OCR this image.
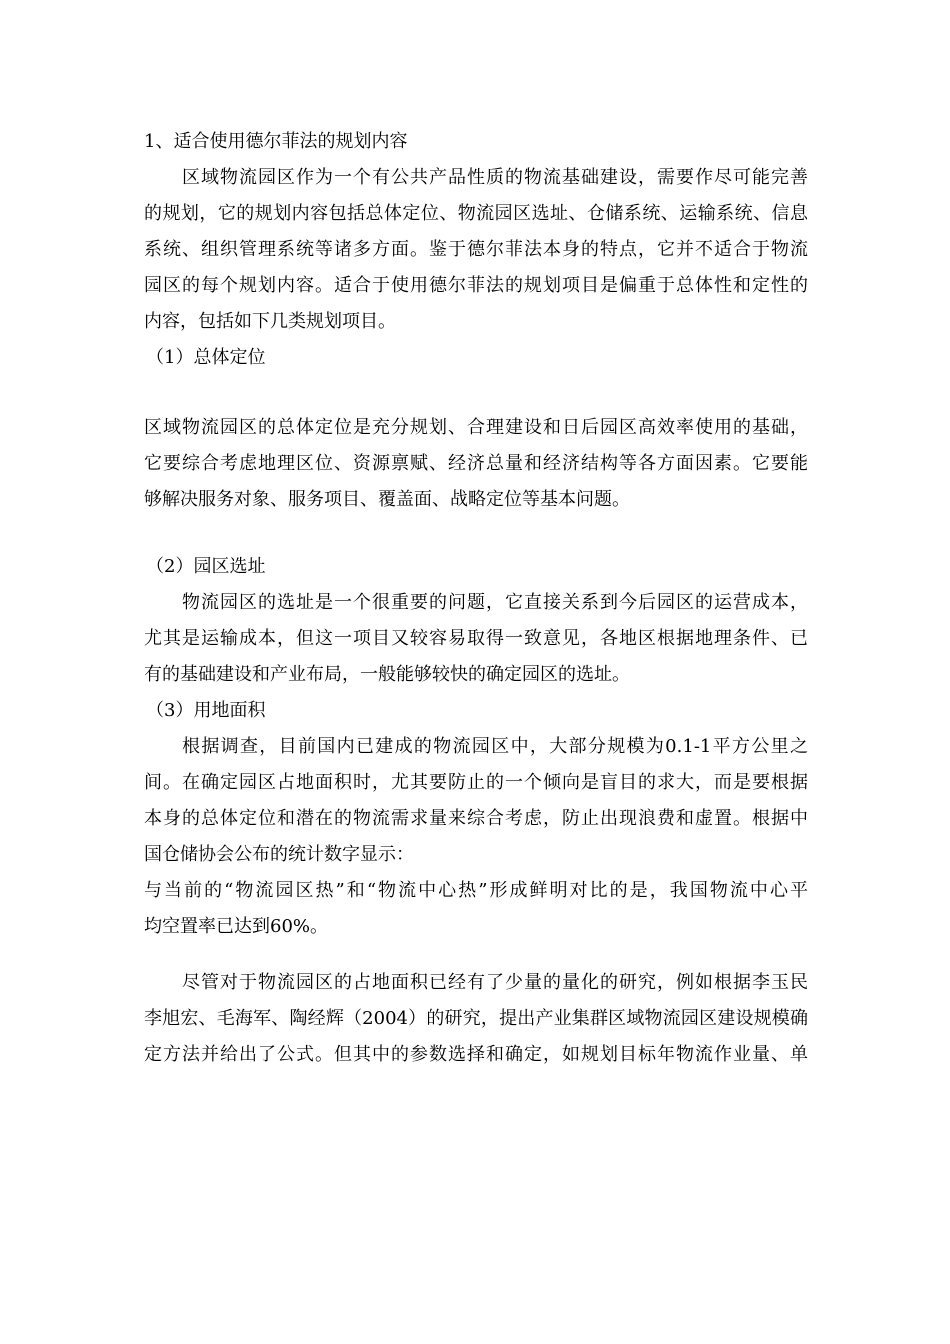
1、适合使用德尔菲法的规划内容
区域物流园区作为一个有公共产品性质的物流基础建设，需要作尽可能完善
的规划，它的规划内容包括总体定位、物流园区选址、仓储系统、运输系统、信息
系统、组织管理系统等诸多方面。鉴于德尔菲法本身的特点，它并不适合于物流
园区的每个规划内容。适合于使用德尔菲法的规划项目是偏重于总体性和定性的
内容，包括如下几类规划项目。
（1）总体定位
区域物流园区的总体定位是充分规划、合理建设和日后园区高效率使用的基础，
它要综合考虑地理区位、资源禀赋、经济总量和经济结构等各方面因素。它要能
够解决服务对象、服务项目、覆盖面、战略定位等基本问题。
（2）园区选址
物流园区的选址是一个很重要的问题，它直接关系到今后园区的运营成本，
尤其是运输成本，但这一项目又较容易取得一致意见，各地区根据地理条件、已
有的基础建设和产业布局，一般能够较快的确定园区的选址。
（3）用地面积
根据调查，目前国内已建成的物流园区中，大部分规模为0.1-1平方公里之
间。在确定园区占地面积时，尤其要防止的一个倾向是盲目的求大，而是要根据
本身的总体定位和潜在的物流需求量来综合考虑，防止出现浪费和虚置。根据中
国仓储协会公布的统计数字显示：
与当前的“物流园区热”和“物流中心热”形成鲜明对比的是，我国物流中心平
均空置率已达到60%。
尽管对于物流园区的占地面积已经有了少量的量化的研究，例如根据李玉民
李旭宏、毛海军、陶经辉（2004）的研究，提出产业集群区域物流园区建设规模确
定方法并给出了公式。但其中的参数选择和确定，如规划目标年物流作业量、单
